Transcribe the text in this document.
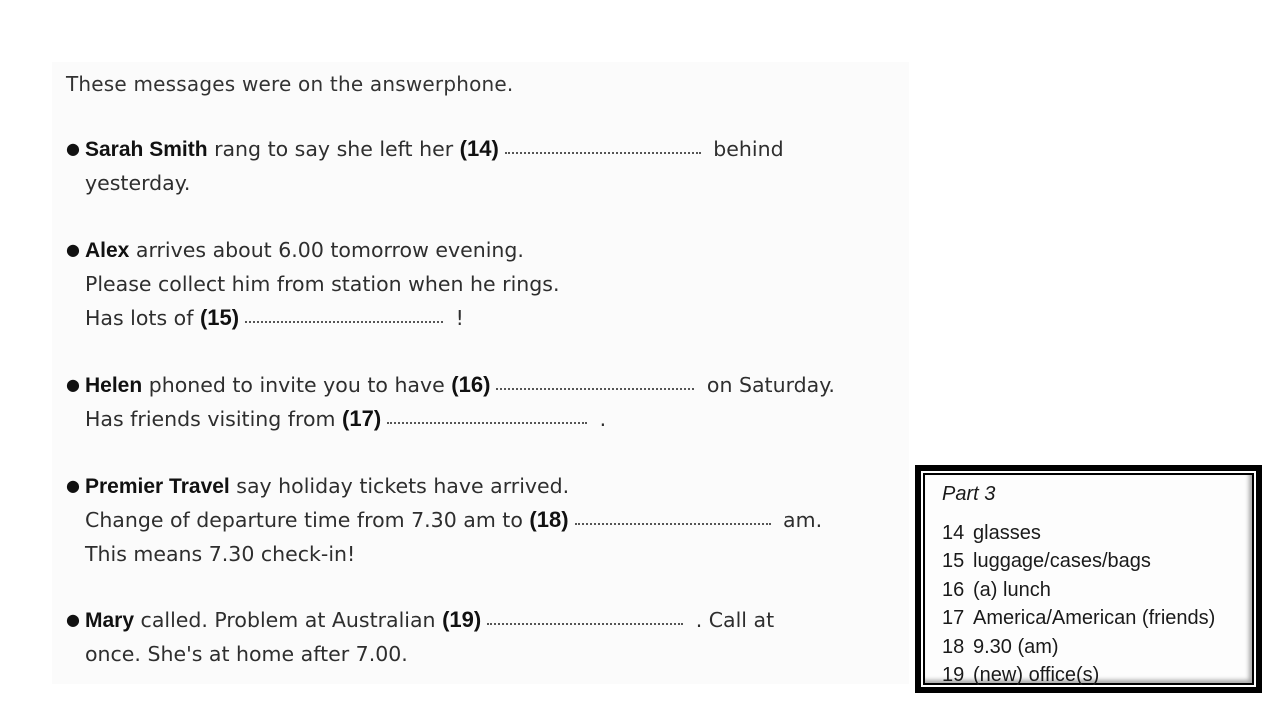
These messages were on the answerphone.
● Sarah Smith rang to say she left her (14)	behind
yesterday.
● Alex arrives about 6.00 tomorrow evening.
Please collect him from station when he rings.
Has lots of (15)	!
● Helen phoned to invite you to have (16)	on Saturday.
Has friends visiting from (17)	.
● Premier Travel say holiday tickets have arrived.
Change of departure time from 7.30 am to (18)	am.
This means 7.30 check-in!
● Mary called. Problem at Australian (19)	. Call at
once. She's at home after 7.00.
Part 3
14 glasses
15 luggage/cases/bags
16 (a) lunch
17 America/American (friends)
18 9.30 (am)
19 (new) office(s)
